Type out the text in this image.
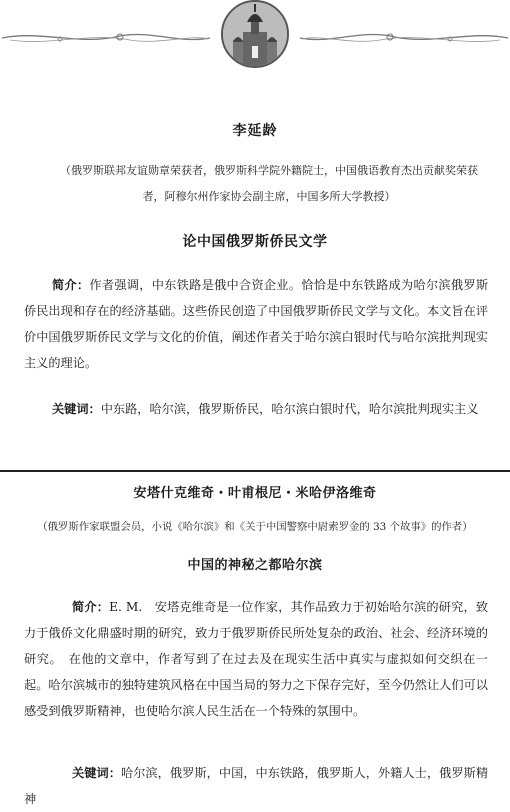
李延龄
（俄罗斯联邦友谊勋章荣获者，俄罗斯科学院外籍院士，中国俄语教育杰出贡献奖荣获
者，阿穆尔州作家协会副主席，中国多所大学教授）
论中国俄罗斯侨民文学
简介：作者强调，中东铁路是俄中合资企业。恰恰是中东铁路成为哈尔滨俄罗斯侨民出现和存在的经济基础。这些侨民创造了中国俄罗斯侨民文学与文化。本文旨在评价中国俄罗斯侨民文学与文化的价值，阐述作者关于哈尔滨白银时代与哈尔滨批判现实主义的理论。
关键词：中东路，哈尔滨，俄罗斯侨民，哈尔滨白银时代，哈尔滨批判现实主义
安塔什克维奇・叶甫根尼・米哈伊洛维奇
（俄罗斯作家联盟会员，小说《哈尔滨》和《关于中国警察中尉索罗金的 33 个故事》的作者）
中国的神秘之都哈尔滨
简介：E. M.　安塔克维奇是一位作家，其作品致力于初始哈尔滨的研究，致力于俄侨文化鼎盛时期的研究，致力于俄罗斯侨民所处复杂的政治、社会、经济环境的研究。　在他的文章中，作者写到了在过去及在现实生活中真实与虚拟如何交织在一起。哈尔滨城市的独特建筑风格在中国当局的努力之下保存完好，至今仍然让人们可以感受到俄罗斯精神，也使哈尔滨人民生活在一个特殊的氛围中。
关键词：哈尔滨，俄罗斯，中国，中东铁路，俄罗斯人，外籍人士，俄罗斯精神
